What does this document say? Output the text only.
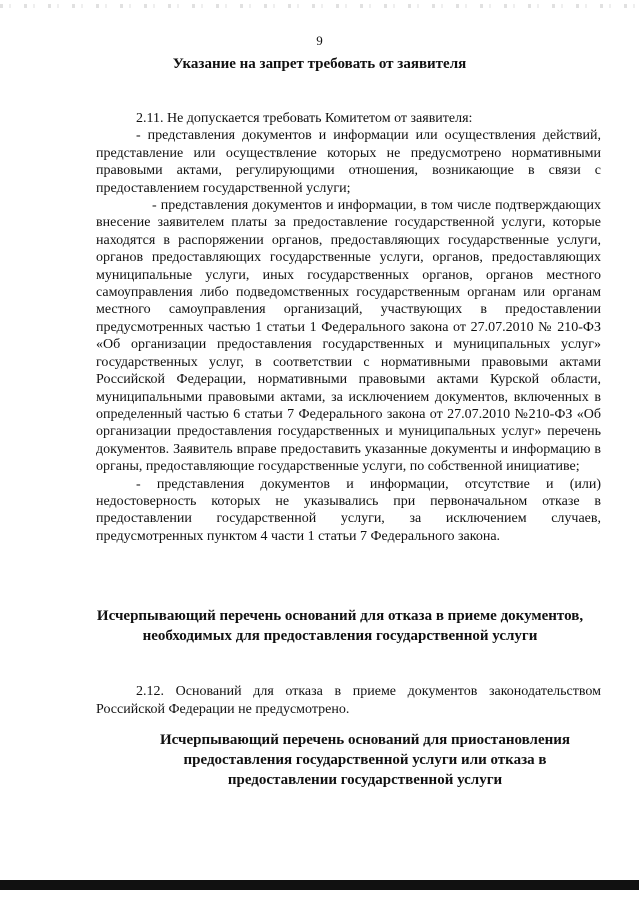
9
Указание на запрет требовать от заявителя

2.11. Не допускается требовать Комитетом от заявителя:

- представления документов и информации или осуществления действий, представление или осуществление которых не предусмотрено нормативными правовыми актами, регулирующими отношения, возникающие в связи с предоставлением государственной услуги;

- представления документов и информации, в том числе подтверждающих внесение заявителем платы за предоставление государственной услуги, которые находятся в распоряжении органов, предоставляющих государственные услуги, органов предоставляющих государственные услуги, органов, предоставляющих муниципальные услуги, иных государственных органов, органов местного самоуправления либо подведомственных государственным органам или органам местного самоуправления организаций, участвующих в предоставлении предусмотренных частью 1 статьи 1 Федерального закона от 27.07.2010 № 210-ФЗ «Об организации предоставления государственных и муниципальных услуг» государственных услуг, в соответствии с нормативными правовыми актами Российской Федерации, нормативными правовыми актами Курской области, муниципальными правовыми актами, за исключением документов, включенных в определенный частью 6 статьи 7 Федерального закона от 27.07.2010 №210-ФЗ «Об организации предоставления государственных и муниципальных услуг» перечень документов. Заявитель вправе предоставить указанные документы и информацию в органы, предоставляющие государственные услуги, по собственной инициативе;

- представления документов и информации, отсутствие и (или) недостоверность которых не указывались при первоначальном отказе в предоставлении государственной услуги, за исключением случаев, предусмотренных пунктом 4 части 1 статьи 7 Федерального закона.

Исчерпывающий перечень оснований для отказа в приеме документов, необходимых для предоставления государственной услуги

2.12. Оснований для отказа в приеме документов законодательством Российской Федерации не предусмотрено.

Исчерпывающий перечень оснований для приостановления предоставления государственной услуги или отказа в предоставлении государственной услуги
